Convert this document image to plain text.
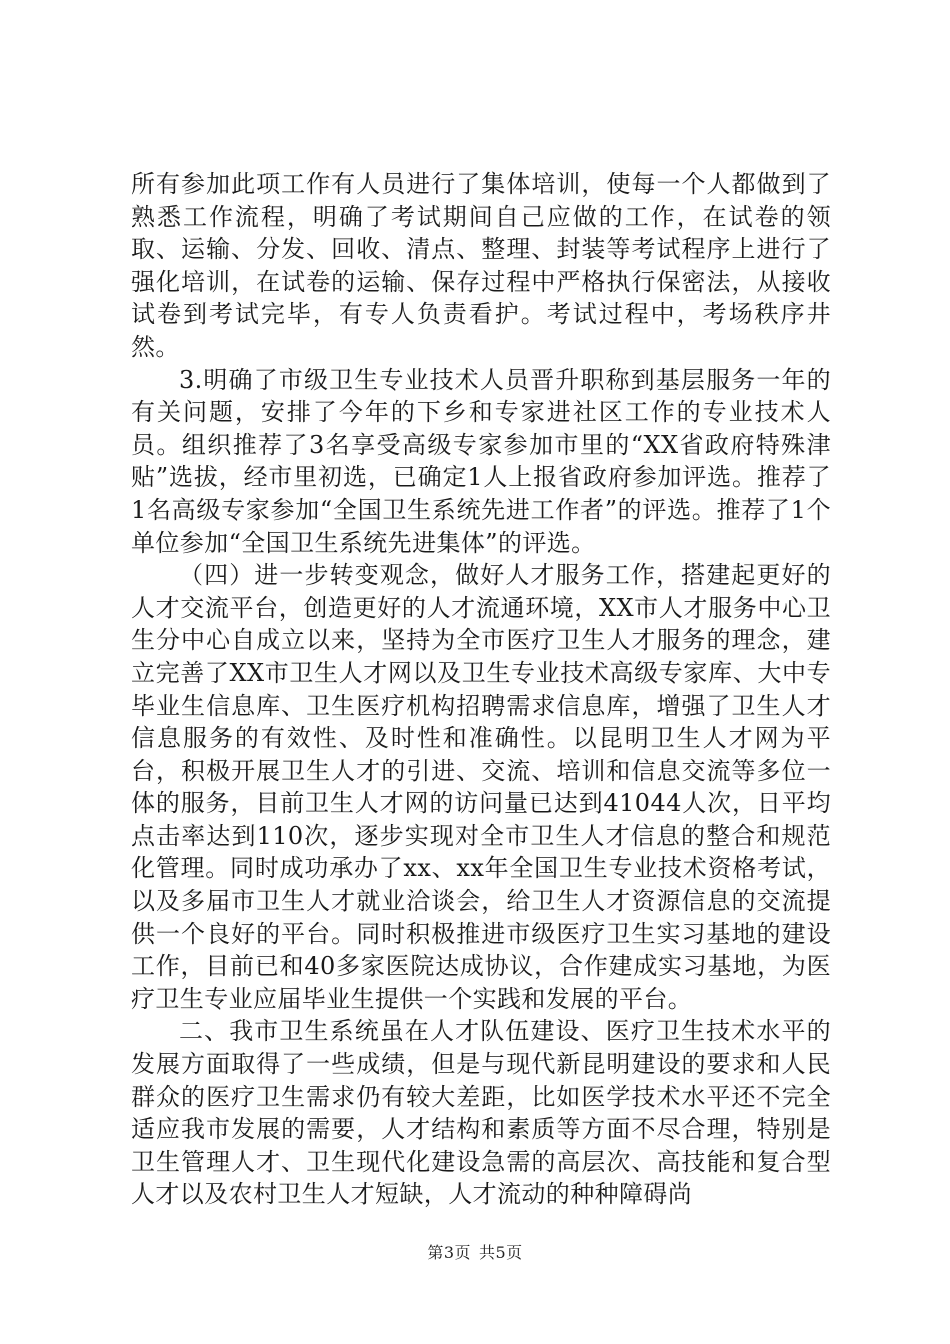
所有参加此项工作有人员进行了集体培训，使每一个人都做到了熟悉工作流程，明确了考试期间自己应做的工作，在试卷的领取、运输、分发、回收、清点、整理、封装等考试程序上进行了强化培训，在试卷的运输、保存过程中严格执行保密法，从接收试卷到考试完毕，有专人负责看护。考试过程中，考场秩序井然。

3.明确了市级卫生专业技术人员晋升职称到基层服务一年的有关问题，安排了今年的下乡和专家进社区工作的专业技术人员。组织推荐了3名享受高级专家参加市里的“XX省政府特殊津贴”选拔，经市里初选，已确定1人上报省政府参加评选。推荐了1名高级专家参加“全国卫生系统先进工作者”的评选。推荐了1个单位参加“全国卫生系统先进集体”的评选。

（四）进一步转变观念，做好人才服务工作，搭建起更好的人才交流平台，创造更好的人才流通环境，XX市人才服务中心卫生分中心自成立以来，坚持为全市医疗卫生人才服务的理念，建立完善了XX市卫生人才网以及卫生专业技术高级专家库、大中专毕业生信息库、卫生医疗机构招聘需求信息库，增强了卫生人才信息服务的有效性、及时性和准确性。以昆明卫生人才网为平台，积极开展卫生人才的引进、交流、培训和信息交流等多位一体的服务，目前卫生人才网的访问量已达到41044人次，日平均点击率达到110次，逐步实现对全市卫生人才信息的整合和规范化管理。同时成功承办了xx、xx年全国卫生专业技术资格考试，以及多届市卫生人才就业洽谈会，给卫生人才资源信息的交流提供一个良好的平台。同时积极推进市级医疗卫生实习基地的建设工作，目前已和40多家医院达成协议，合作建成实习基地，为医疗卫生专业应届毕业生提供一个实践和发展的平台。

二、我市卫生系统虽在人才队伍建设、医疗卫生技术水平的发展方面取得了一些成绩，但是与现代新昆明建设的要求和人民群众的医疗卫生需求仍有较大差距，比如医学技术水平还不完全适应我市发展的需要，人才结构和素质等方面不尽合理，特别是卫生管理人才、卫生现代化建设急需的高层次、高技能和复合型人才以及农村卫生人才短缺，人才流动的种种障碍尚

第3页 共5页
